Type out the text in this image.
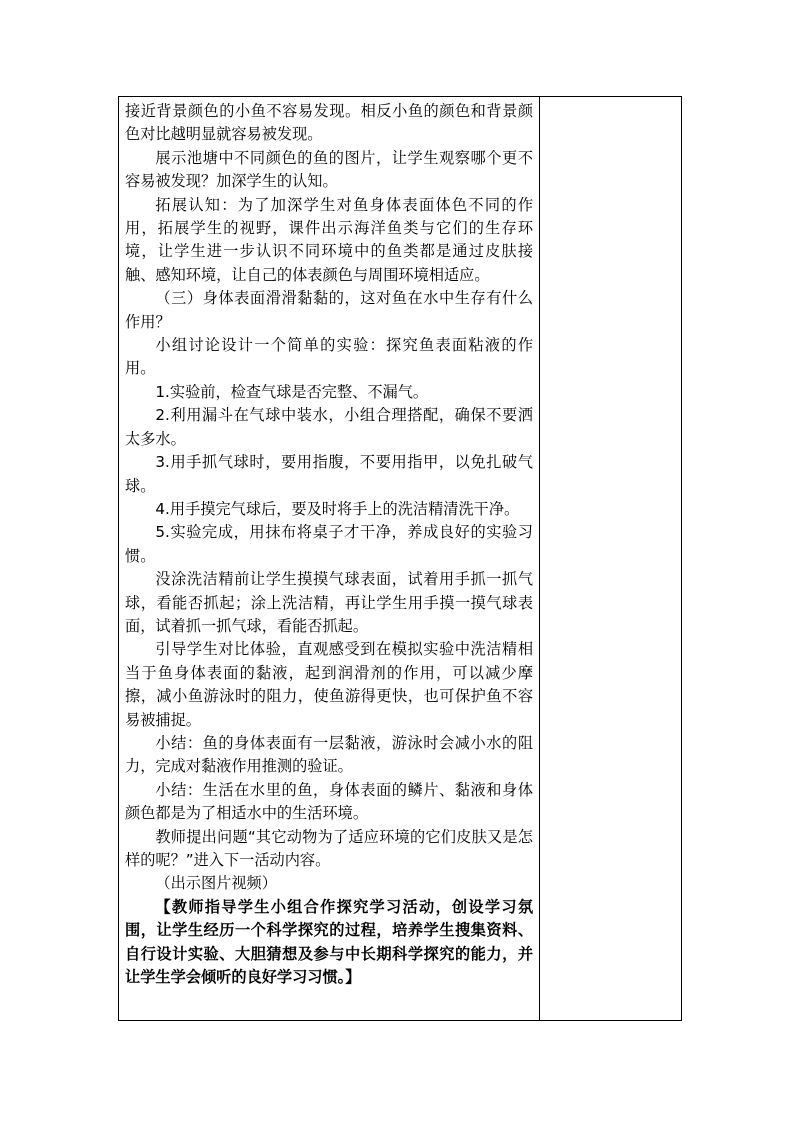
接近背景颜色的小鱼不容易发现。相反小鱼的颜色和背景颜色对比越明显就容易被发现。

展示池塘中不同颜色的鱼的图片，让学生观察哪个更不容易被发现？加深学生的认知。

拓展认知：为了加深学生对鱼身体表面体色不同的作用，拓展学生的视野，课件出示海洋鱼类与它们的生存环境，让学生进一步认识不同环境中的鱼类都是通过皮肤接触、感知环境，让自己的体表颜色与周围环境相适应。

（三）身体表面滑滑黏黏的，这对鱼在水中生存有什么作用？

小组讨论设计一个简单的实验：探究鱼表面粘液的作用。

1.实验前，检查气球是否完整、不漏气。

2.利用漏斗在气球中装水，小组合理搭配，确保不要洒太多水。

3.用手抓气球时，要用指腹，不要用指甲，以免扎破气球。

4.用手摸完气球后，要及时将手上的洗洁精清洗干净。

5.实验完成，用抹布将桌子才干净，养成良好的实验习惯。

没涂洗洁精前让学生摸摸气球表面，试着用手抓一抓气球，看能否抓起；涂上洗洁精，再让学生用手摸一摸气球表面，试着抓一抓气球，看能否抓起。

引导学生对比体验，直观感受到在模拟实验中洗洁精相当于鱼身体表面的黏液，起到润滑剂的作用，可以减少摩擦，减小鱼游泳时的阻力，使鱼游得更快，也可保护鱼不容易被捕捉。

小结：鱼的身体表面有一层黏液，游泳时会减小水的阻力，完成对黏液作用推测的验证。

小结：生活在水里的鱼，身体表面的鳞片、黏液和身体颜色都是为了相适水中的生活环境。

教师提出问题“其它动物为了适应环境的它们皮肤又是怎样的呢？”进入下一活动内容。

（出示图片视频）

【教师指导学生小组合作探究学习活动，创设学习氛围，让学生经历一个科学探究的过程，培养学生搜集资料、自行设计实验、大胆猜想及参与中长期科学探究的能力，并让学生学会倾听的良好学习习惯。】
